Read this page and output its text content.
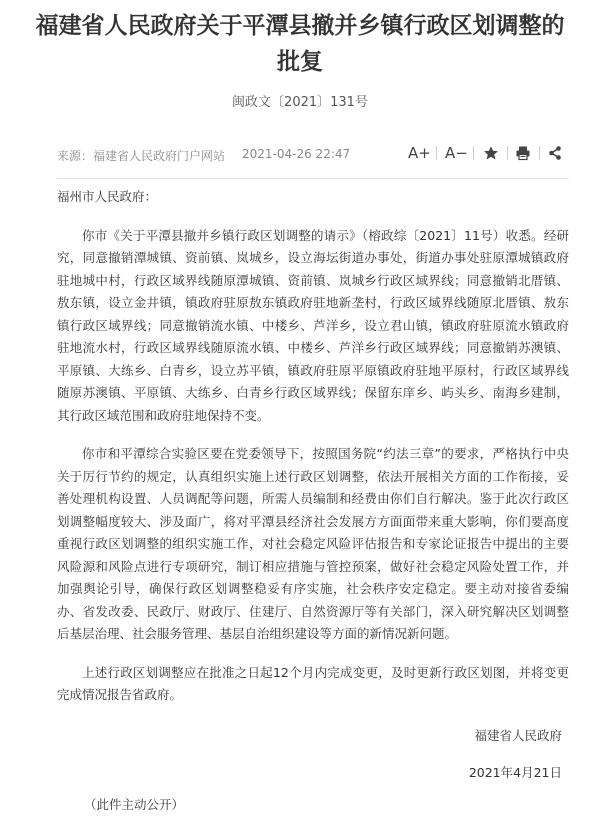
福建省人民政府关于平潭县撤并乡镇行政区划调整的批复
闽政文〔2021〕131号
来源：福建省人民政府门户网站 2021-04-26 22:47	A+ A−

福州市人民政府：

你市《关于平潭县撤并乡镇行政区划调整的请示》（榕政综〔2021〕11号）收悉。经研究，同意撤销潭城镇、资前镇、岚城乡，设立海坛街道办事处，街道办事处驻原潭城镇政府驻地城中村，行政区域界线随原潭城镇、资前镇、岚城乡行政区域界线；同意撤销北厝镇、敖东镇，设立金井镇，镇政府驻原敖东镇政府驻地新垄村，行政区域界线随原北厝镇、敖东镇行政区域界线；同意撤销流水镇、中楼乡、芦洋乡，设立君山镇，镇政府驻原流水镇政府驻地流水村，行政区域界线随原流水镇、中楼乡、芦洋乡行政区域界线；同意撤销苏澳镇、平原镇、大练乡、白青乡，设立苏平镇，镇政府驻原平原镇政府驻地平原村，行政区域界线随原苏澳镇、平原镇、大练乡、白青乡行政区域界线；保留东庠乡、屿头乡、南海乡建制，其行政区域范围和政府驻地保持不变。

你市和平潭综合实验区要在党委领导下，按照国务院“约法三章”的要求，严格执行中央关于厉行节约的规定，认真组织实施上述行政区划调整，依法开展相关方面的工作衔接，妥善处理机构设置、人员调配等问题，所需人员编制和经费由你们自行解决。鉴于此次行政区划调整幅度较大、涉及面广，将对平潭县经济社会发展方方面面带来重大影响，你们要高度重视行政区划调整的组织实施工作，对社会稳定风险评估报告和专家论证报告中提出的主要风险源和风险点进行专项研究，制订相应措施与管控预案，做好社会稳定风险处置工作，并加强舆论引导，确保行政区划调整稳妥有序实施，社会秩序安定稳定。要主动对接省委编办、省发改委、民政厅、财政厅、住建厅、自然资源厅等有关部门，深入研究解决区划调整后基层治理、社会服务管理、基层自治组织建设等方面的新情况新问题。

上述行政区划调整应在批准之日起12个月内完成变更，及时更新行政区划图，并将变更完成情况报告省政府。

福建省人民政府
2021年4月21日
（此件主动公开）
